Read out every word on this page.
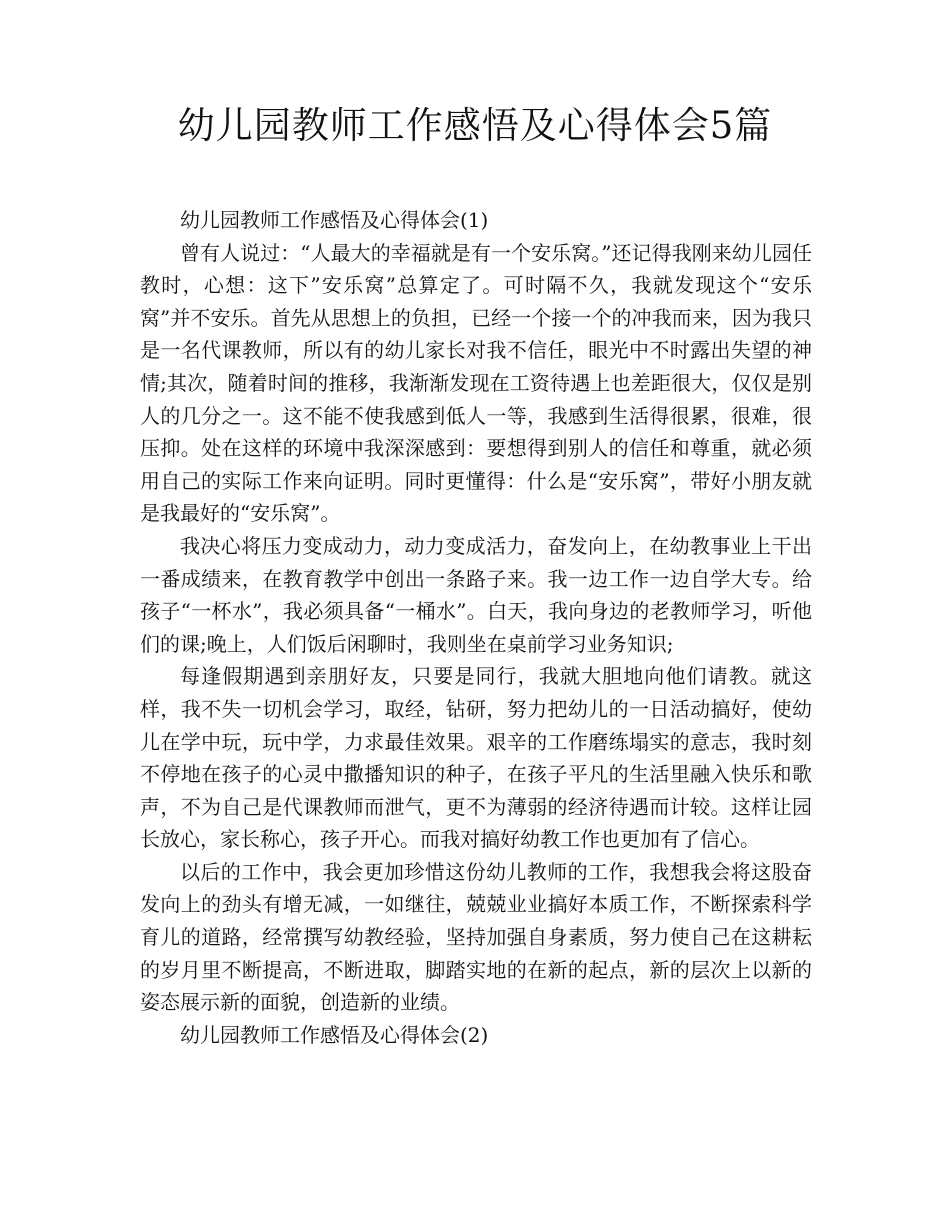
幼儿园教师工作感悟及心得体会5篇

幼儿园教师工作感悟及心得体会(1)

曾有人说过：“人最大的幸福就是有一个安乐窝。”还记得我刚来幼儿园任教时，心想：这下”安乐窝”总算定了。可时隔不久，我就发现这个“安乐窝”并不安乐。首先从思想上的负担，已经一个接一个的冲我而来，因为我只是一名代课教师，所以有的幼儿家长对我不信任，眼光中不时露出失望的神情;其次，随着时间的推移，我渐渐发现在工资待遇上也差距很大，仅仅是别人的几分之一。这不能不使我感到低人一等，我感到生活得很累，很难，很压抑。处在这样的环境中我深深感到：要想得到别人的信任和尊重，就必须用自己的实际工作来向证明。同时更懂得：什么是“安乐窝”，带好小朋友就是我最好的“安乐窝”。

我决心将压力变成动力，动力变成活力，奋发向上，在幼教事业上干出一番成绩来，在教育教学中创出一条路子来。我一边工作一边自学大专。给孩子“一杯水”，我必须具备“一桶水”。白天，我向身边的老教师学习，听他们的课;晚上，人们饭后闲聊时，我则坐在桌前学习业务知识;

每逢假期遇到亲朋好友，只要是同行，我就大胆地向他们请教。就这样，我不失一切机会学习，取经，钻研，努力把幼儿的一日活动搞好，使幼儿在学中玩，玩中学，力求最佳效果。艰辛的工作磨练塌实的意志，我时刻不停地在孩子的心灵中撒播知识的种子，在孩子平凡的生活里融入快乐和歌声，不为自己是代课教师而泄气，更不为薄弱的经济待遇而计较。这样让园长放心，家长称心，孩子开心。而我对搞好幼教工作也更加有了信心。

以后的工作中，我会更加珍惜这份幼儿教师的工作，我想我会将这股奋发向上的劲头有增无减，一如继往，兢兢业业搞好本质工作，不断探索科学育儿的道路，经常撰写幼教经验，坚持加强自身素质，努力使自己在这耕耘的岁月里不断提高，不断进取，脚踏实地的在新的起点，新的层次上以新的姿态展示新的面貌，创造新的业绩。

幼儿园教师工作感悟及心得体会(2)
